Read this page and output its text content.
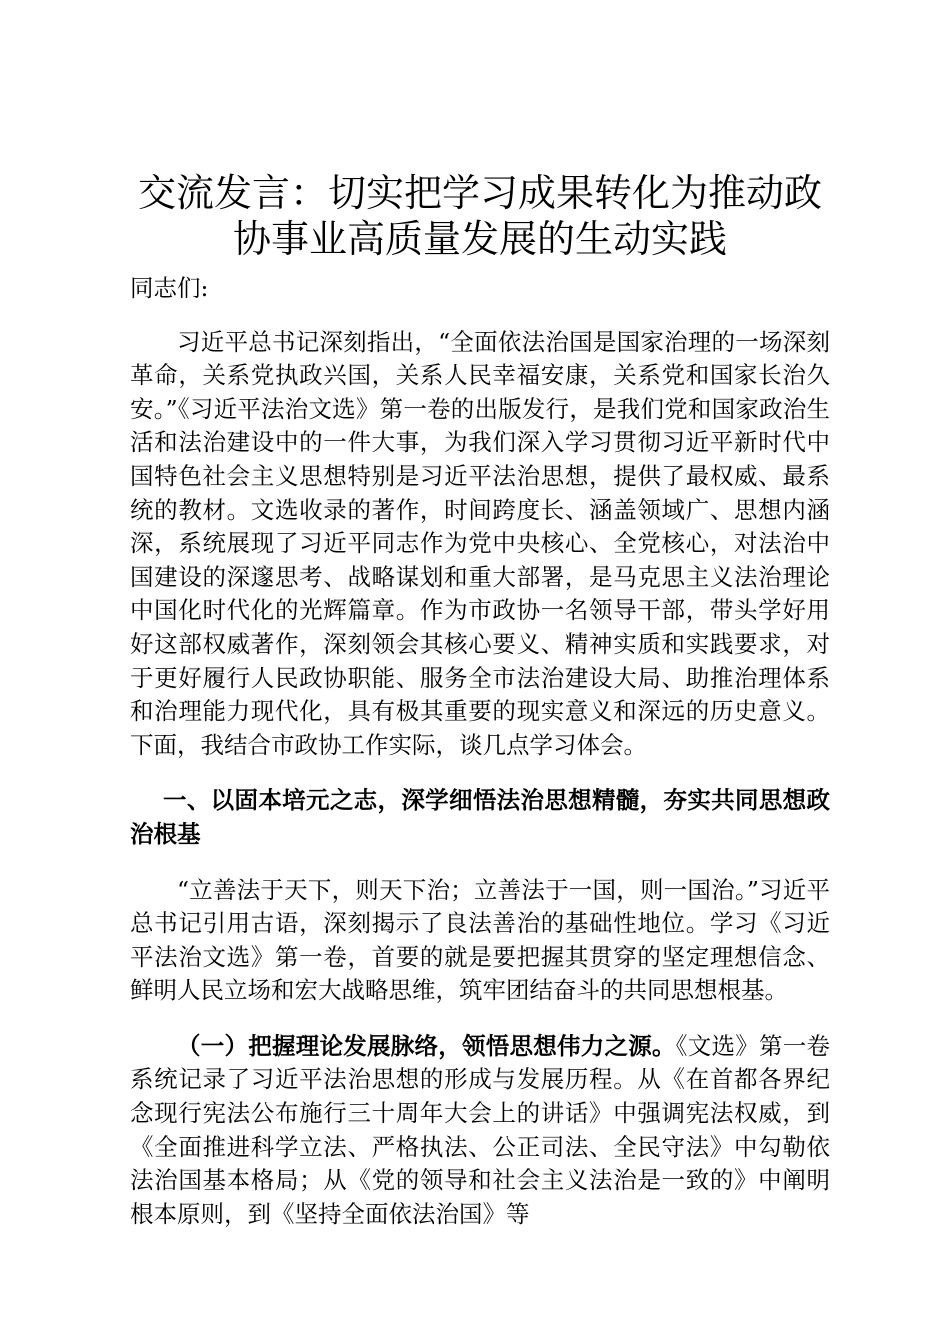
交流发言：切实把学习成果转化为推动政协事业高质量发展的生动实践

同志们:

习近平总书记深刻指出，“全面依法治国是国家治理的一场深刻革命，关系党执政兴国，关系人民幸福安康，关系党和国家长治久安。”《习近平法治文选》第一卷的出版发行，是我们党和国家政治生活和法治建设中的一件大事，为我们深入学习贯彻习近平新时代中国特色社会主义思想特别是习近平法治思想，提供了最权威、最系统的教材。文选收录的著作，时间跨度长、涵盖领域广、思想内涵深，系统展现了习近平同志作为党中央核心、全党核心，对法治中国建设的深邃思考、战略谋划和重大部署，是马克思主义法治理论中国化时代化的光辉篇章。作为市政协一名领导干部，带头学好用好这部权威著作，深刻领会其核心要义、精神实质和实践要求，对于更好履行人民政协职能、服务全市法治建设大局、助推治理体系和治理能力现代化，具有极其重要的现实意义和深远的历史意义。下面，我结合市政协工作实际，谈几点学习体会。

一、以固本培元之志，深学细悟法治思想精髓，夯实共同思想政治根基

“立善法于天下，则天下治；立善法于一国，则一国治。”习近平总书记引用古语，深刻揭示了良法善治的基础性地位。学习《习近平法治文选》第一卷，首要的就是要把握其贯穿的坚定理想信念、鲜明人民立场和宏大战略思维，筑牢团结奋斗的共同思想根基。

（一）把握理论发展脉络，领悟思想伟力之源。《文选》第一卷系统记录了习近平法治思想的形成与发展历程。从《在首都各界纪念现行宪法公布施行三十周年大会上的讲话》中强调宪法权威，到《全面推进科学立法、严格执法、公正司法、全民守法》中勾勒依法治国基本格局；从《党的领导和社会主义法治是一致的》中阐明根本原则，到《坚持全面依法治国》等
